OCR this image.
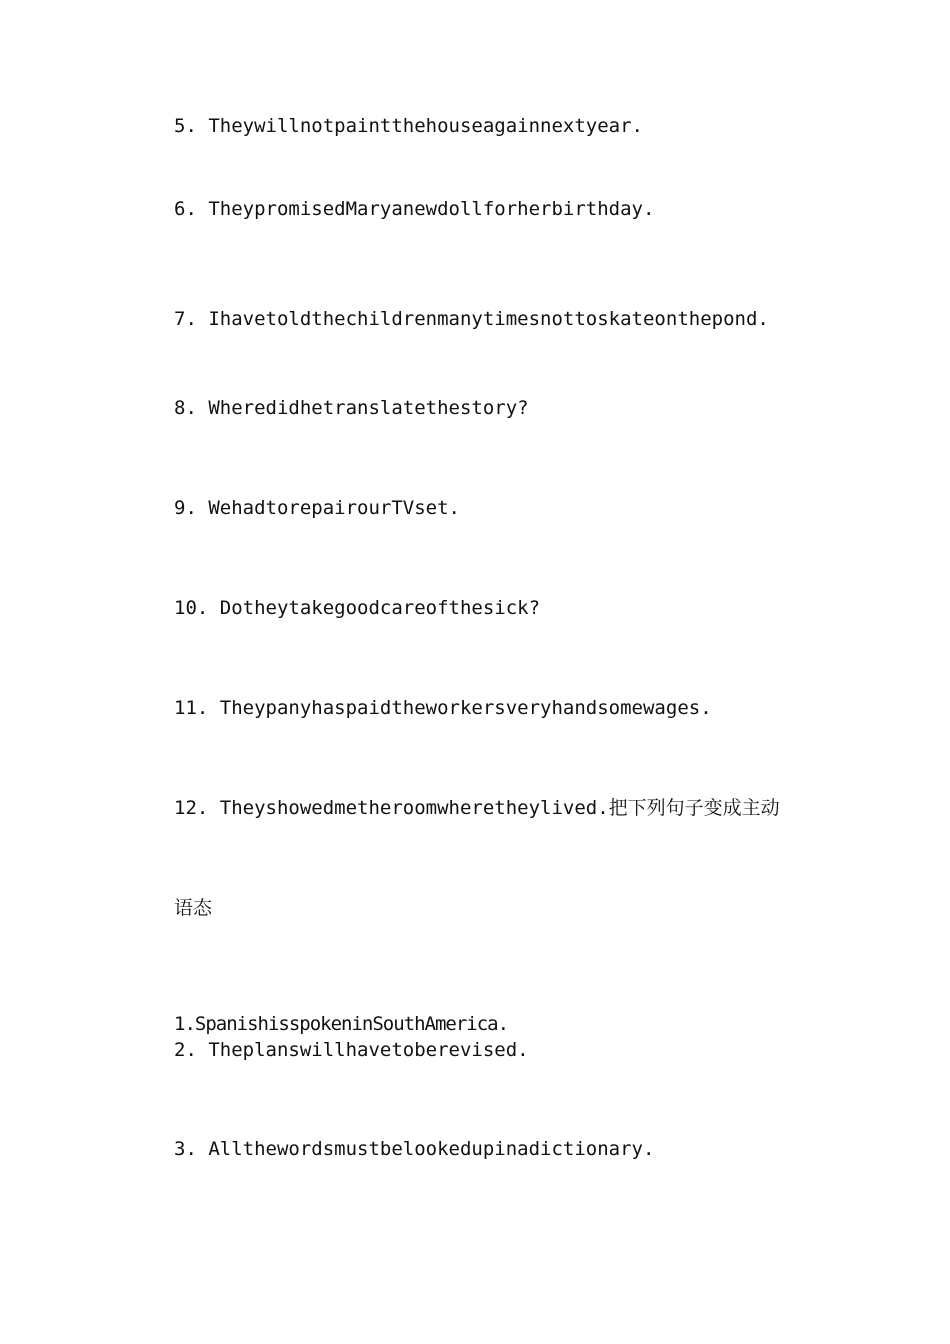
5. Theywillnotpaintthehouseagainnextyear.
6. TheypromisedMaryanewdollforherbirthday.
7. Ihavetoldthechildrenmanytimesnottoskateonthepond.
8. Wheredidhetranslatethestory?
9. WehadtorepairourTVset.
10. Dotheytakegoodcareofthesick?
11. Theypanyhaspaidtheworkersveryhandsomewages.
12. Theyshowedmetheroomwheretheylived.把下列句子变成主动
语态
1.SpanishisspokeninSouthAmerica.
2. Theplanswillhavetoberevised.
3. Allthewordsmustbelookedupinadictionary.
